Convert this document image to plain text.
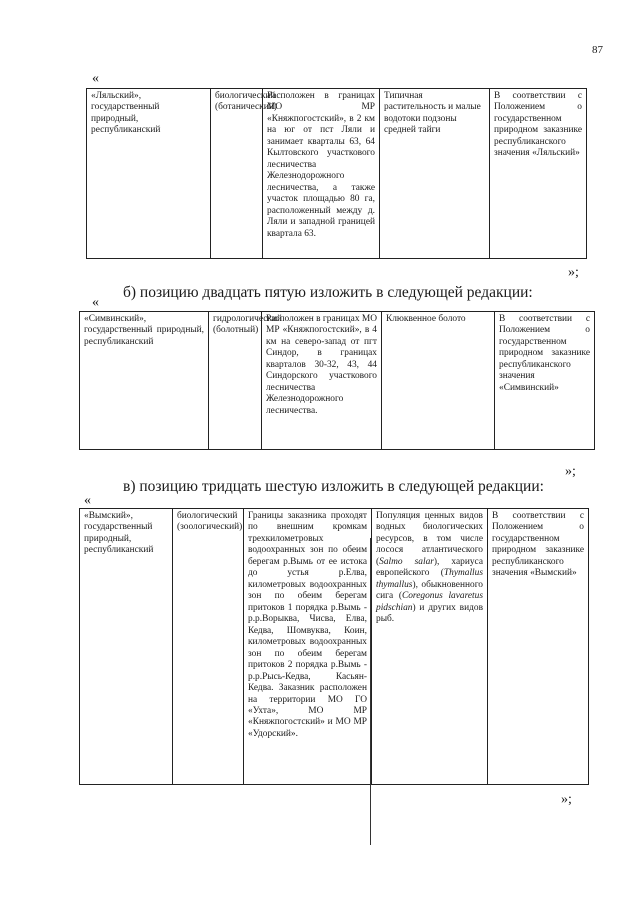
87
«
«Ляльский», государственный природный, республиканский	биологический (ботанический)	Расположен в границах МО МР «Княжпогостский», в 2 км на юг от пст Ляли и занимает кварталы 63, 64 Кылтовского участкового лесничества Железнодорожного лесничества, а также участок площадью 80 га, расположенный между д. Ляли и западной границей квартала 63.	Типичная растительность и малые водотоки подзоны средней тайги	В соответствии с Положением о государственном природном заказнике республиканского значения «Ляльский»
»;
б) позицию двадцать пятую изложить в следующей редакции:
«
«Симвинский», государственный природный, республиканский	гидрологический (болотный)	Расположен в границах МО МР «Княжпогостский», в 4 км на северо-запад от пгт Синдор, в границах кварталов 30-32, 43, 44 Синдорского участкового лесничества Железнодорожного лесничества.	Клюквенное болото	В соответствии с Положением о государственном природном заказнике республиканского значения «Симвинский»
»;
в) позицию тридцать шестую изложить в следующей редакции:
«
«Вымский», государственный природный, республиканский	биологический (зоологический)	Границы заказника проходят по внешним кромкам трехкилометровых водоохранных зон по обеим берегам р.Вымь от ее истока до устья р.Елва, километровых водоохранных зон по обеим берегам притоков 1 порядка р.Вымь - р.р.Ворыква, Чисва, Елва, Кедва, Шомвуква, Коин, километровых водоохранных зон по обеим берегам притоков 2 порядка р.Вымь - р.р.Рысь-Кедва, Касьян-Кедва. Заказник расположен на территории МО ГО «Ухта», МО МР «Княжпогостский» и МО МР «Удорский».	Популяция ценных видов водных биологических ресурсов, в том числе лосося атлантического (Salmo salar), хариуса европейского (Thymallus thymallus), обыкновенного сига (Coregonus lavaretus pidschian) и других видов рыб.	В соответствии с Положением о государственном природном заказнике республиканского значения «Вымский»
»;
